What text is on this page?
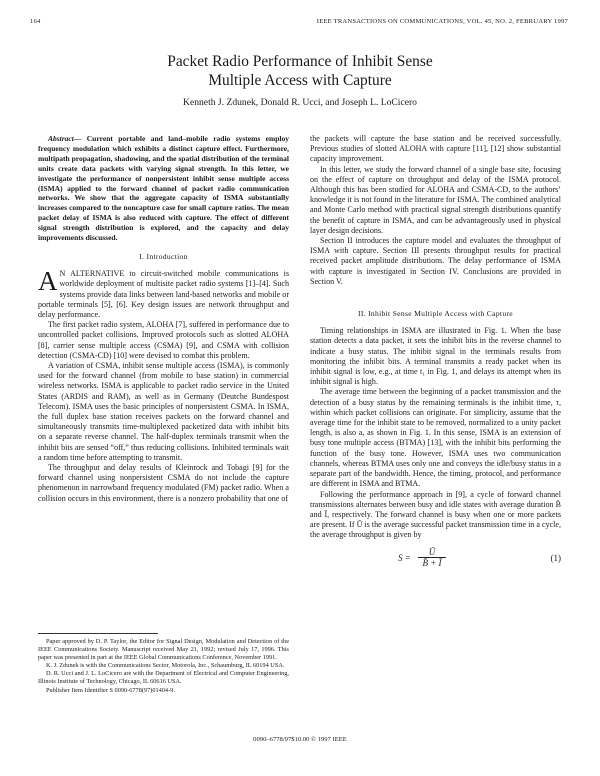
164	IEEE TRANSACTIONS ON COMMUNICATIONS, VOL. 45, NO. 2, FEBRUARY 1997
Packet Radio Performance of Inhibit Sense
Multiple Access with Capture
Kenneth J. Zdunek, Donald R. Ucci, and Joseph L. LoCicero

Abstract— Current portable and land–mobile radio systems employ frequency modulation which exhibits a distinct capture effect. Furthermore, multipath propagation, shadowing, and the spatial distribution of the terminal units create data packets with varying signal strength. In this letter, we investigate the performance of nonpersistent inhibit sense multiple access (ISMA) applied to the forward channel of packet radio communication networks. We show that the aggregate capacity of ISMA substantially increases compared to the noncapture case for small capture ratios. The mean packet delay of ISMA is also reduced with capture. The effect of different signal strength distribution is explored, and the capacity and delay improvements discussed.

I. Introduction

A N ALTERNATIVE to circuit-switched mobile communications is worldwide deployment of multisite packet radio systems [1]–[4]. Such systems provide data links between land-based networks and mobile or portable terminals [5], [6]. Key design issues are network throughput and delay performance.

The first packet radio system, ALOHA [7], suffered in performance due to uncontrolled packet collisions. Improved protocols such as slotted ALOHA [8], carrier sense multiple access (CSMA) [9], and CSMA with collision detection (CSMA-CD) [10] were devised to combat this problem.

A variation of CSMA, inhibit sense multiple access (ISMA), is commonly used for the forward channel (from mobile to base station) in commercial wireless networks. ISMA is applicable to packet radio service in the United States (ARDIS and RAM), as well as in Germany (Deutche Bundespost Telecom). ISMA uses the basic principles of nonpersistent CSMA. In ISMA, the full duplex base station receives packets on the forward channel and simultaneously transmits time-multiplexed packetized data with inhibit bits on a separate reverse channel. The half-duplex terminals transmit when the inhibit bits are sensed “off,” thus reducing collisions. Inhibited terminals wait a random time before attempting to transmit.

The throughput and delay results of Kleinrock and Tobagi [9] for the forward channel using nonpersistent CSMA do not include the capture phenomenon in narrowband frequency modulated (FM) packet radio. When a collision occurs in this environment, there is a nonzero probability that one of

Paper approved by D. P. Taylor, the Editor for Signal Design, Modulation and Detection of the IEEE Communications Society. Manuscript received May 21, 1992; revised July 17, 1996. This paper was presented in part at the IEEE Global Communications Conference, November 1991.

K. J. Zdunek is with the Communications Sector, Motorola, Inc., Schaumburg, IL 60194 USA.

D. R. Ucci and J. L. LoCicero are with the Department of Electrical and Computer Engineering, Illinois Institute of Technology, Chicago, IL 60616 USA.

Publisher Item Identifier S 0090-6778(97)01404-9.

the packets will capture the base station and be received successfully. Previous studies of slotted ALOHA with capture [11], [12] show substantial capacity improvement.

In this letter, we study the forward channel of a single base site, focusing on the effect of capture on throughput and delay of the ISMA protocol. Although this has been studied for ALOHA and CSMA-CD, to the authors’ knowledge it is not found in the literature for ISMA. The combined analytical and Monte Carlo method with practical signal strength distributions quantify the benefit of capture in ISMA, and can be advantageously used in physical layer design decisions.

Section II introduces the capture model and evaluates the throughput of ISMA with capture. Section III presents throughput results for practical received packet amplitude distributions. The delay performance of ISMA with capture is investigated in Section IV. Conclusions are provided in Section V.

II. Inhibit Sense Multiple Access with Capture

Timing relationships in ISMA are illustrated in Fig. 1. When the base station detects a data packet, it sets the inhibit bits in the reverse channel to indicate a busy status. The inhibit signal in the terminals results from monitoring the inhibit bits. A terminal transmits a ready packet when its inhibit signal is low, e.g., at time t₁ in Fig. 1, and delays its attempt when its inhibit signal is high.

The average time between the beginning of a packet transmission and the detection of a busy status by the remaining terminals is the inhibit time, τ, within which packet collisions can originate. For simplicity, assume that the average time for the inhibit state to be removed, normalized to a unity packet length, is also a, as shown in Fig. 1. In this sense, ISMA is an extension of busy tone multiple access (BTMA) [13], with the inhibit bits performing the function of the busy tone. However, ISMA uses two communication channels, whereas BTMA uses only one and conveys the idle/busy status in a separate part of the bandwidth. Hence, the timing, protocol, and performance are different in ISMA and BTMA.

Following the performance approach in [9], a cycle of forward channel transmissions alternates between busy and idle states with average duration B̄ and Ī, respectively. The forward channel is busy when one or more packets are present. If Ū is the average successful packet transmission time in a cycle, the average throughput is given by

$S = \frac{Ū}{B̄ + Ī}$	(1)
0090–6778/97$10.00 © 1997 IEEE
